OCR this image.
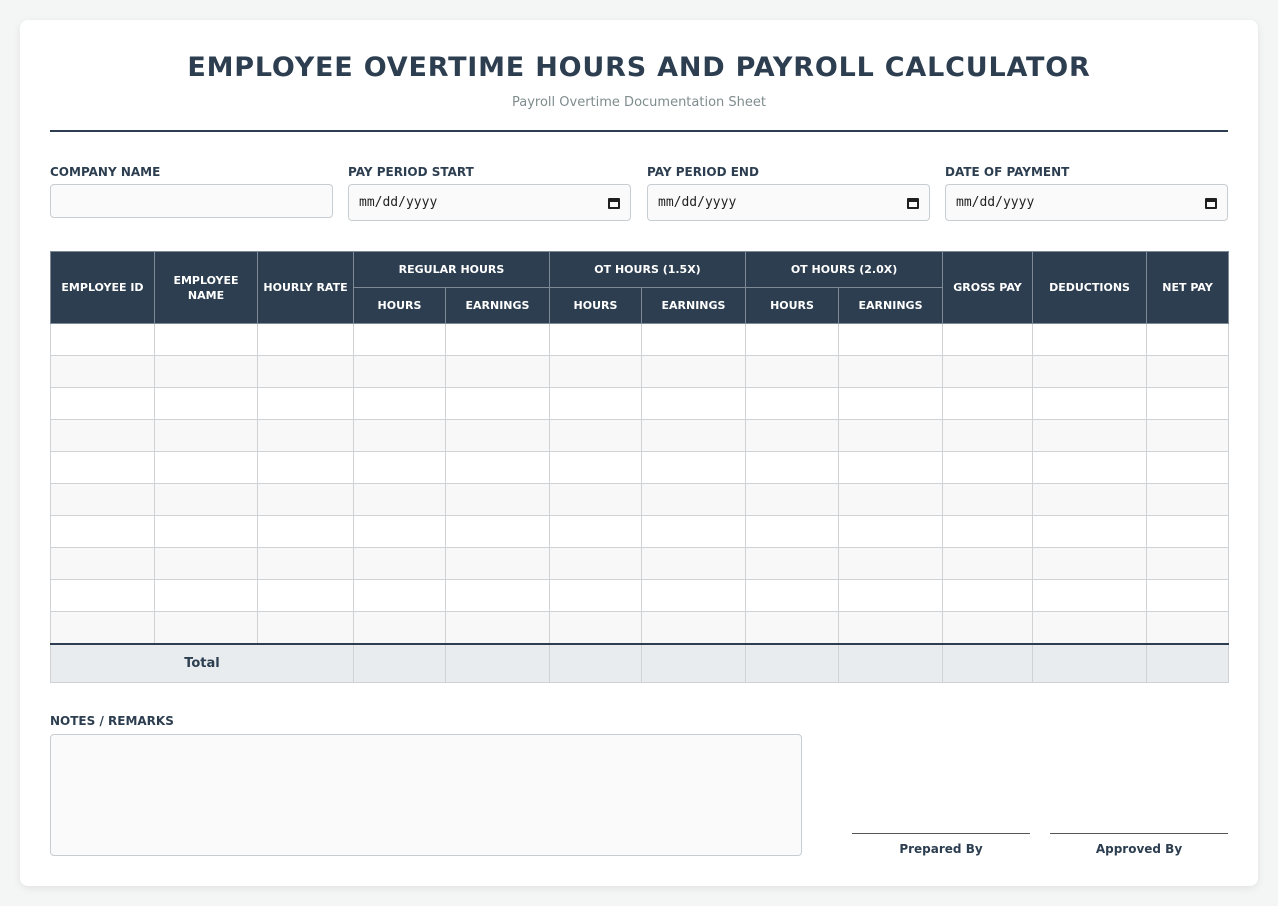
EMPLOYEE OVERTIME HOURS AND PAYROLL CALCULATOR
Payroll Overtime Documentation Sheet
COMPANY NAME	PAY PERIOD START
mm/dd/yyyy
PAY PERIOD END
mm/dd/yyyy
DATE OF PAYMENT
mm/dd/yyyy
EMPLOYEE ID	EMPLOYEE NAME	HOURLY RATE	REGULAR HOURS		OT HOURS (1.5X)		OT HOURS (2.0X)		GROSS PAY	DEDUCTIONS	NET PAY
			HOURS	EARNINGS	HOURS	EARNINGS	HOURS	EARNINGS			

Total											
NOTES / REMARKS
Prepared By	Approved By
